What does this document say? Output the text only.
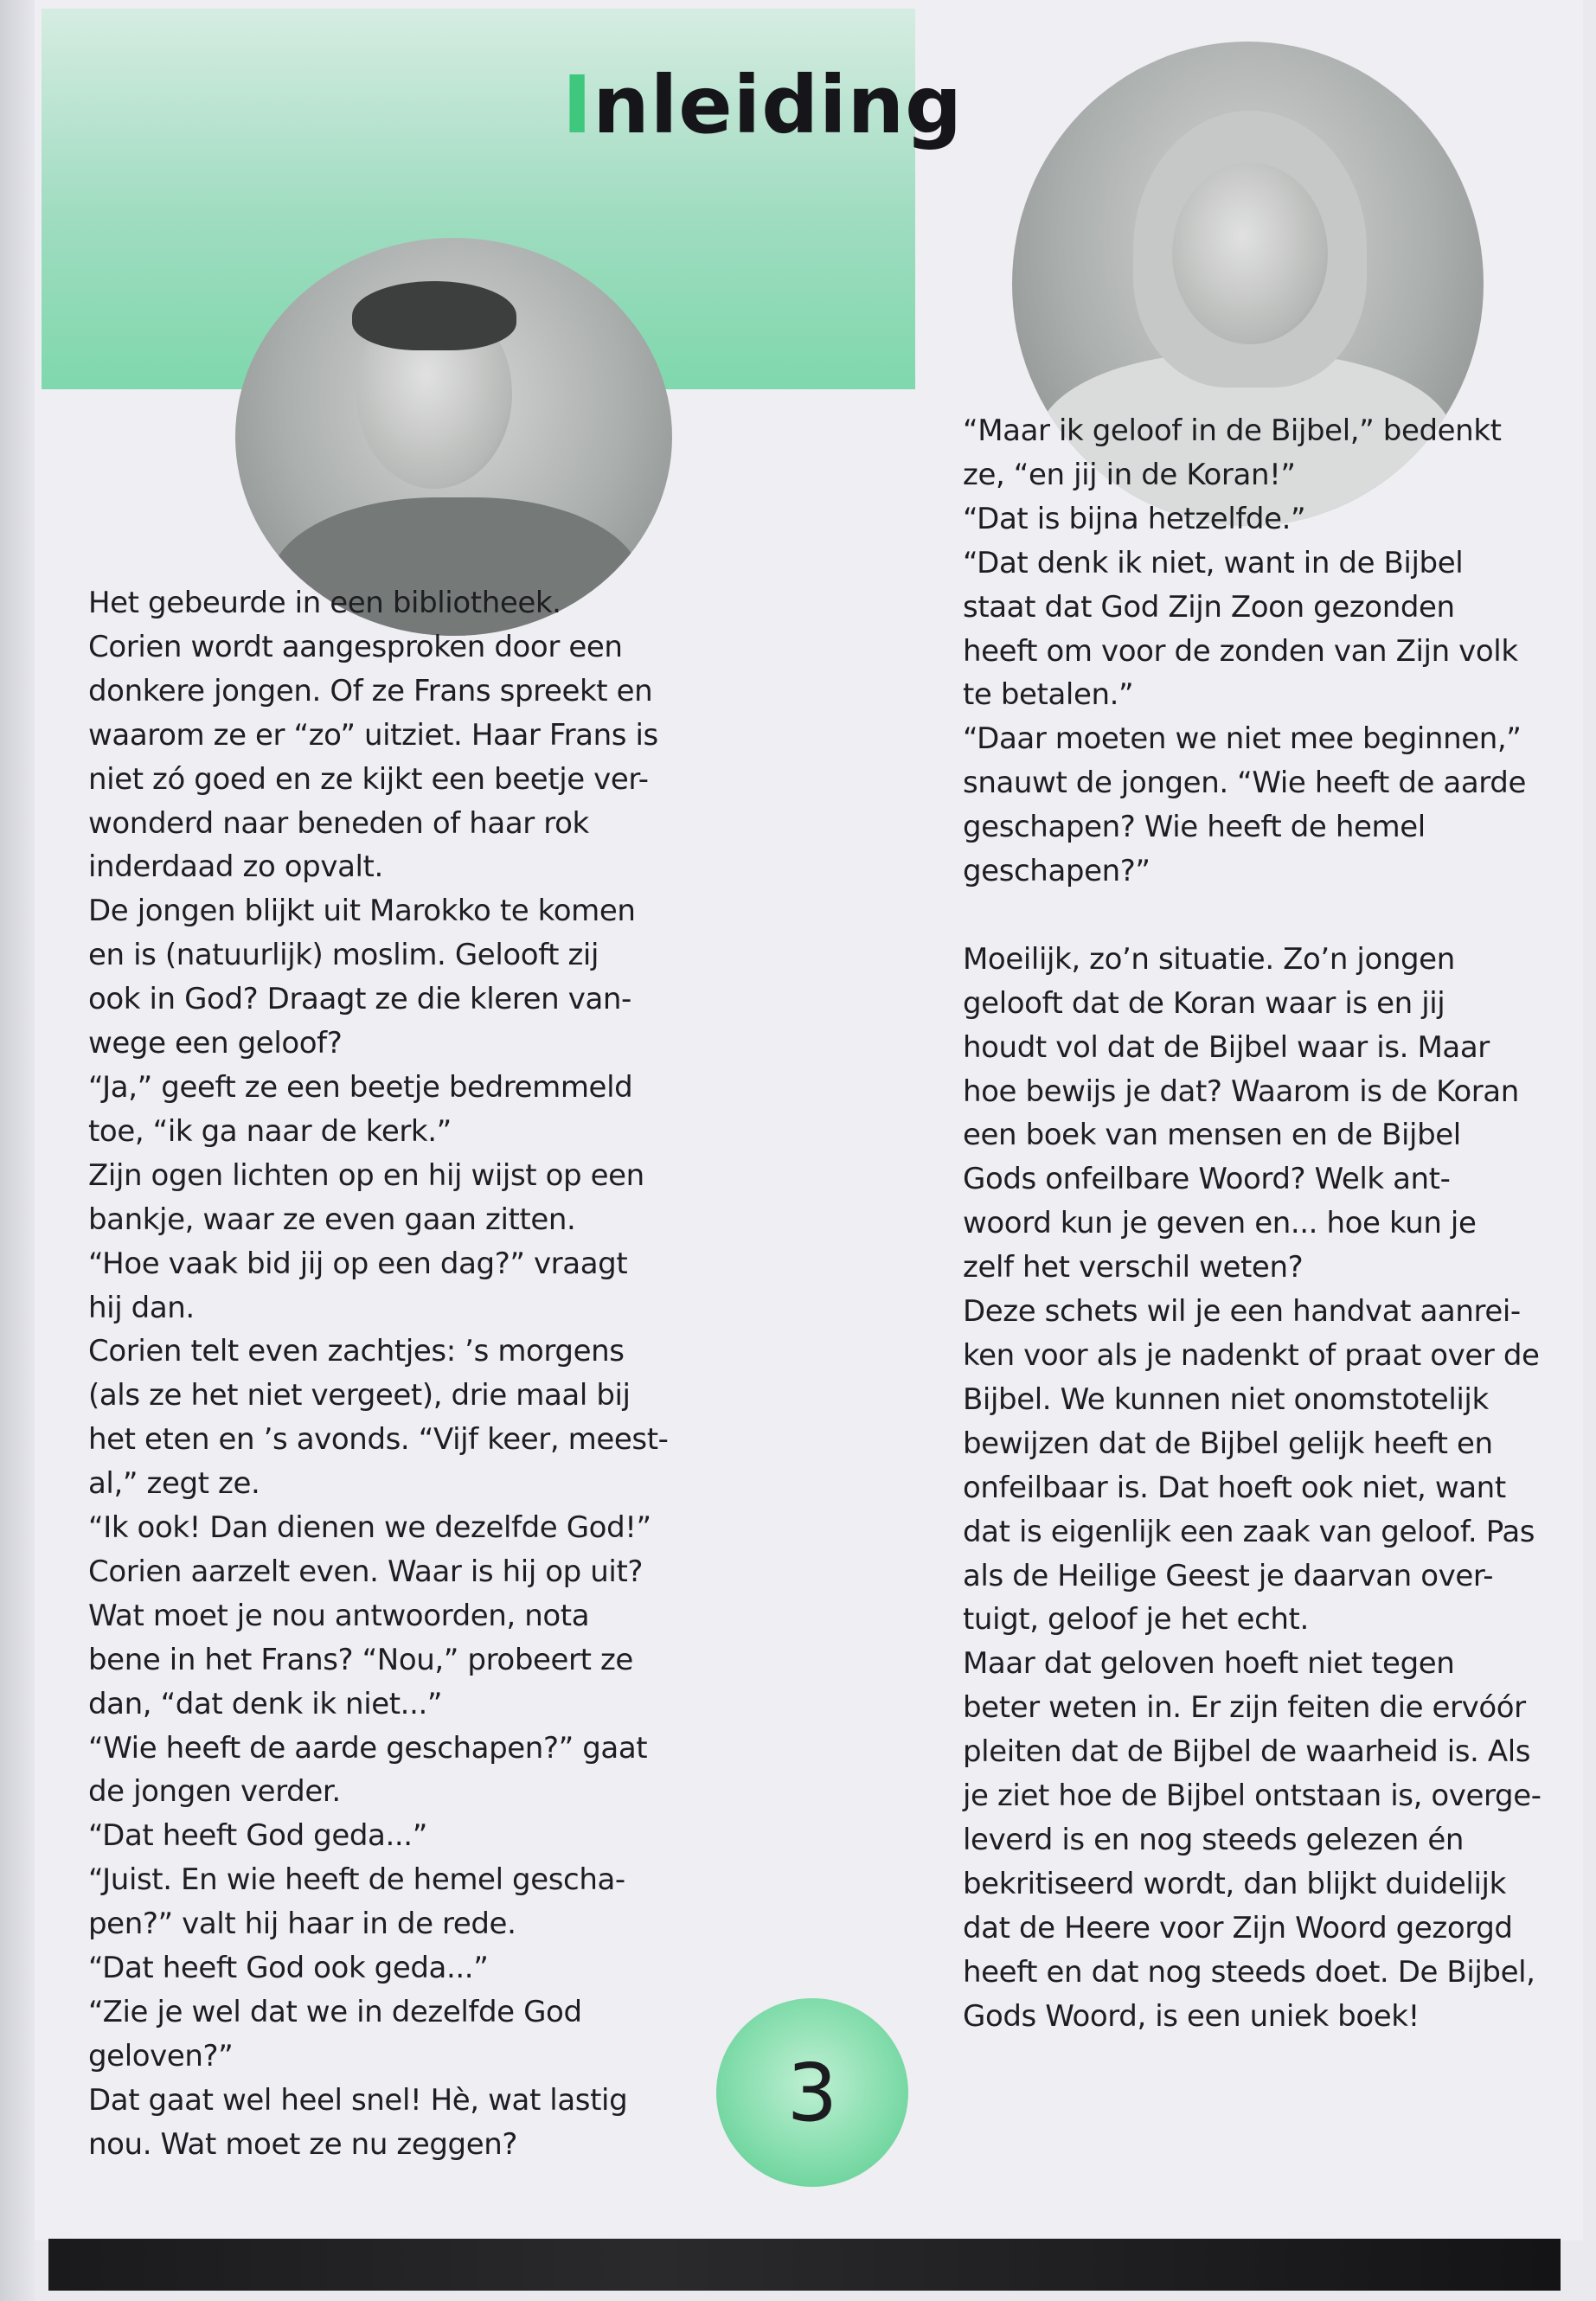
Inleiding

Het gebeurde in een bibliotheek.

Corien wordt aangesproken door een

donkere jongen. Of ze Frans spreekt en

waarom ze er “zo” uitziet. Haar Frans is

niet zó goed en ze kijkt een beetje ver-

wonderd naar beneden of haar rok

inderdaad zo opvalt.

De jongen blijkt uit Marokko te komen

en is (natuurlijk) moslim. Gelooft zij

ook in God? Draagt ze die kleren van-

wege een geloof?

“Ja,” geeft ze een beetje bedremmeld

toe, “ik ga naar de kerk.”

Zijn ogen lichten op en hij wijst op een

bankje, waar ze even gaan zitten.

“Hoe vaak bid jij op een dag?” vraagt

hij dan.

Corien telt even zachtjes: ’s morgens

(als ze het niet vergeet), drie maal bij

het eten en ’s avonds. “Vijf keer, meest-

al,” zegt ze.

“Ik ook! Dan dienen we dezelfde God!”

Corien aarzelt even. Waar is hij op uit?

Wat moet je nou antwoorden, nota

bene in het Frans? “Nou,” probeert ze

dan, “dat denk ik niet...”

“Wie heeft de aarde geschapen?” gaat

de jongen verder.

“Dat heeft God geda...”

“Juist. En wie heeft de hemel gescha-

pen?” valt hij haar in de rede.

“Dat heeft God ook geda...”

“Zie je wel dat we in dezelfde God

geloven?”

Dat gaat wel heel snel! Hè, wat lastig

nou. Wat moet ze nu zeggen?

“Maar ik geloof in de Bijbel,” bedenkt

ze, “en jij in de Koran!”

“Dat is bijna hetzelfde.”

“Dat denk ik niet, want in de Bijbel

staat dat God Zijn Zoon gezonden

heeft om voor de zonden van Zijn volk

te betalen.”

“Daar moeten we niet mee beginnen,”

snauwt de jongen. “Wie heeft de aarde

geschapen? Wie heeft de hemel

geschapen?”

Moeilijk, zo’n situatie. Zo’n jongen

gelooft dat de Koran waar is en jij

houdt vol dat de Bijbel waar is. Maar

hoe bewijs je dat? Waarom is de Koran

een boek van mensen en de Bijbel

Gods onfeilbare Woord? Welk ant-

woord kun je geven en... hoe kun je

zelf het verschil weten?

Deze schets wil je een handvat aanrei-

ken voor als je nadenkt of praat over de

Bijbel. We kunnen niet onomstotelijk

bewijzen dat de Bijbel gelijk heeft en

onfeilbaar is. Dat hoeft ook niet, want

dat is eigenlijk een zaak van geloof. Pas

als de Heilige Geest je daarvan over-

tuigt, geloof je het echt.

Maar dat geloven hoeft niet tegen

beter weten in. Er zijn feiten die ervóór

pleiten dat de Bijbel de waarheid is. Als

je ziet hoe de Bijbel ontstaan is, overge-

leverd is en nog steeds gelezen én

bekritiseerd wordt, dan blijkt duidelijk

dat de Heere voor Zijn Woord gezorgd

heeft en dat nog steeds doet. De Bijbel,

Gods Woord, is een uniek boek!

3
